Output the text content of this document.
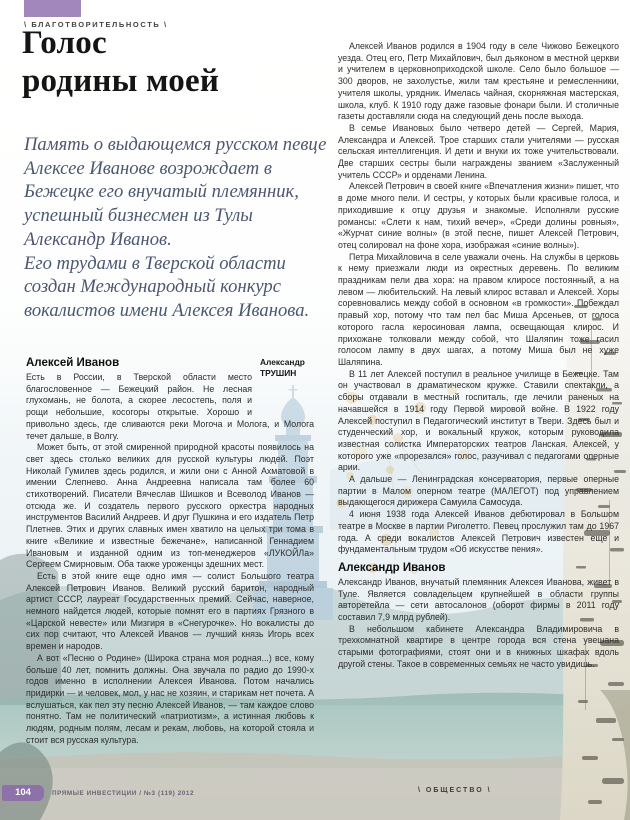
\ БЛАГОТВОРИТЕЛЬНОСТЬ \
Голос
родины моей

Память о выдающемся русском певце Алексее Иванове возрождает в Бежецке его внучатый племянник, успешный бизнесмен из Тулы Александр Иванов.

Его трудами в Тверской области создан Международный конкурс вокалистов имени Алексея Иванова.

Александр
ТРУШИН
Алексей Иванов

Есть в России, в Тверской области место благословенное — Бежецкий район. Не лесная глухомань, не болота, а скорее лесостепь, поля и рощи небольшие, косогоры открытые. Хорошо и привольно здесь, где сливаются реки Могоча и Молога, и Молога течет дальше, в Волгу.

Может быть, от этой смиренной природной красоты появилось на свет здесь столько великих для русской культуры людей. Поэт Николай Гумилев здесь родился, и жили они с Анной Ахматовой в имении Слепнево. Анна Андреевна написала там более 60 стихотворений. Писатели Вячеслав Шишков и Всеволод Иванов — отсюда же. И создатель первого русского оркестра народных инструментов Василий Андреев. И друг Пушкина и его издатель Петр Плетнев. Этих и других славных имен хватило на целых три тома в книге «Великие и известные бежечане», написанной Геннадием Ивановым и изданной одним из топ-менеджеров «ЛУКОЙЛа» Сергеем Смирновым. Оба также уроженцы здешних мест.

Есть в этой книге еще одно имя — солист Большого театра Алексей Петрович Иванов. Великий русский баритон, народный артист СССР, лауреат Государственных премий. Сейчас, наверное, немного найдется людей, которые помнят его в партиях Грязного в «Царской невесте» или Мизгиря в «Снегурочке». Но вокалисты до сих пор считают, что Алексей Иванов — лучший князь Игорь всех времен и народов.

А вот «Песню о Родине» (Широка страна моя родная...) все, кому больше 40 лет, помнить должны. Она звучала по радио до 1990-х годов именно в исполнении Алексея Иванова. Потом начались придирки — и человек, мол, у нас не хозяин, и старикам нет почета. А вслушаться, как пел эту песню Алексей Иванов, — там каждое слово понятно. Там не политический «патриотизм», а истинная любовь к людям, родным полям, лесам и рекам, любовь, на которой стояла и стоит вся русская культура.

Алексей Иванов родился в 1904 году в селе Чижово Бежецкого уезда. Отец его, Петр Михайлович, был дьяконом в местной церкви и учителем в церковноприходской школе. Село было большое — 300 дворов, не захолустье, жили там крестьяне и ремесленники, учителя школы, урядник. Имелась чайная, скорняжная мастерская, школа, клуб. К 1910 году даже газовые фонари были. И столичные газеты доставляли сюда на следующий день после выхода.

В семье Ивановых было четверо детей — Сергей, Мария, Александра и Алексей. Трое старших стали учителями — русская сельская интеллигенция. И дети и внуки их тоже учительствовали. Две старших сестры были награждены званием «Заслуженный учитель СССР» и орденами Ленина.

Алексей Петрович в своей книге «Впечатления жизни» пишет, что в доме много пели. И сестры, у которых были красивые голоса, и приходившие к отцу друзья и знакомые. Исполняли русские романсы: «Слети к нам, тихий вечер», «Среди долины ровныя», «Журчат синие волны» (в этой песне, пишет Алексей Петрович, отец солировал на фоне хора, изображая «синие волны»).

Петра Михайловича в селе уважали очень. На службы в церковь к нему приезжали люди из окрестных деревень. По великим праздникам пели два хора: на правом клиросе постоянный, а на левом — любительский. На левый клирос вставал и Алексей. Хоры соревновались между собой в основном «в громкости». Побеждал правый хор, потому что там пел бас Миша Арсеньев, от голоса которого гасла керосиновая лампа, освещающая клирос. И прихожане толковали между собой, что Шаляпин тоже гасил голосом лампу в двух шагах, а потому Миша был не хуже Шаляпина.

В 11 лет Алексей поступил в реальное училище в Бежецке. Там он участвовал в драматическом кружке. Ставили спектакли, а сборы отдавали в местный госпиталь, где лечили раненых на начавшейся в 1914 году Первой мировой войне. В 1922 году Алексей поступил в Педагогический институт в Твери. Здесь был и студенческий хор, и вокальный кружок, которым руководила известная солистка Императорских театров Ланская. Алексей, у которого уже «прорезался» голос, разучивал с педагогами оперные арии.

А дальше — Ленинградская консерватория, первые оперные партии в Малом оперном театре (МАЛЕГОТ) под управлением выдающегося дирижера Самуила Самосуда.

4 июня 1938 года Алексей Иванов дебютировал в Большом театре в Москве в партии Риголетто. Певец прослужил там до 1967 года. А среди вокалистов Алексей Петрович известен еще и фундаментальным трудом «Об искусстве пения».

Александр Иванов

Александр Иванов, внучатый племянник Алексея Иванова, живет в Туле. Является совладельцем крупнейшей в области группы авторетейла — сети автосалонов (оборот фирмы в 2011 году составил 7,9 млрд рублей).

В небольшом кабинете Александра Владимировича в трехкомнатной квартире в центре города вся стена увешана старыми фотографиями, стоят они и в книжных шкафах вдоль другой стены. Такое в современных семьях не часто увидишь.

104	ПРЯМЫЕ ИНВЕСТИЦИИ / №3 (119) 2012	\ ОБЩЕСТВО \
